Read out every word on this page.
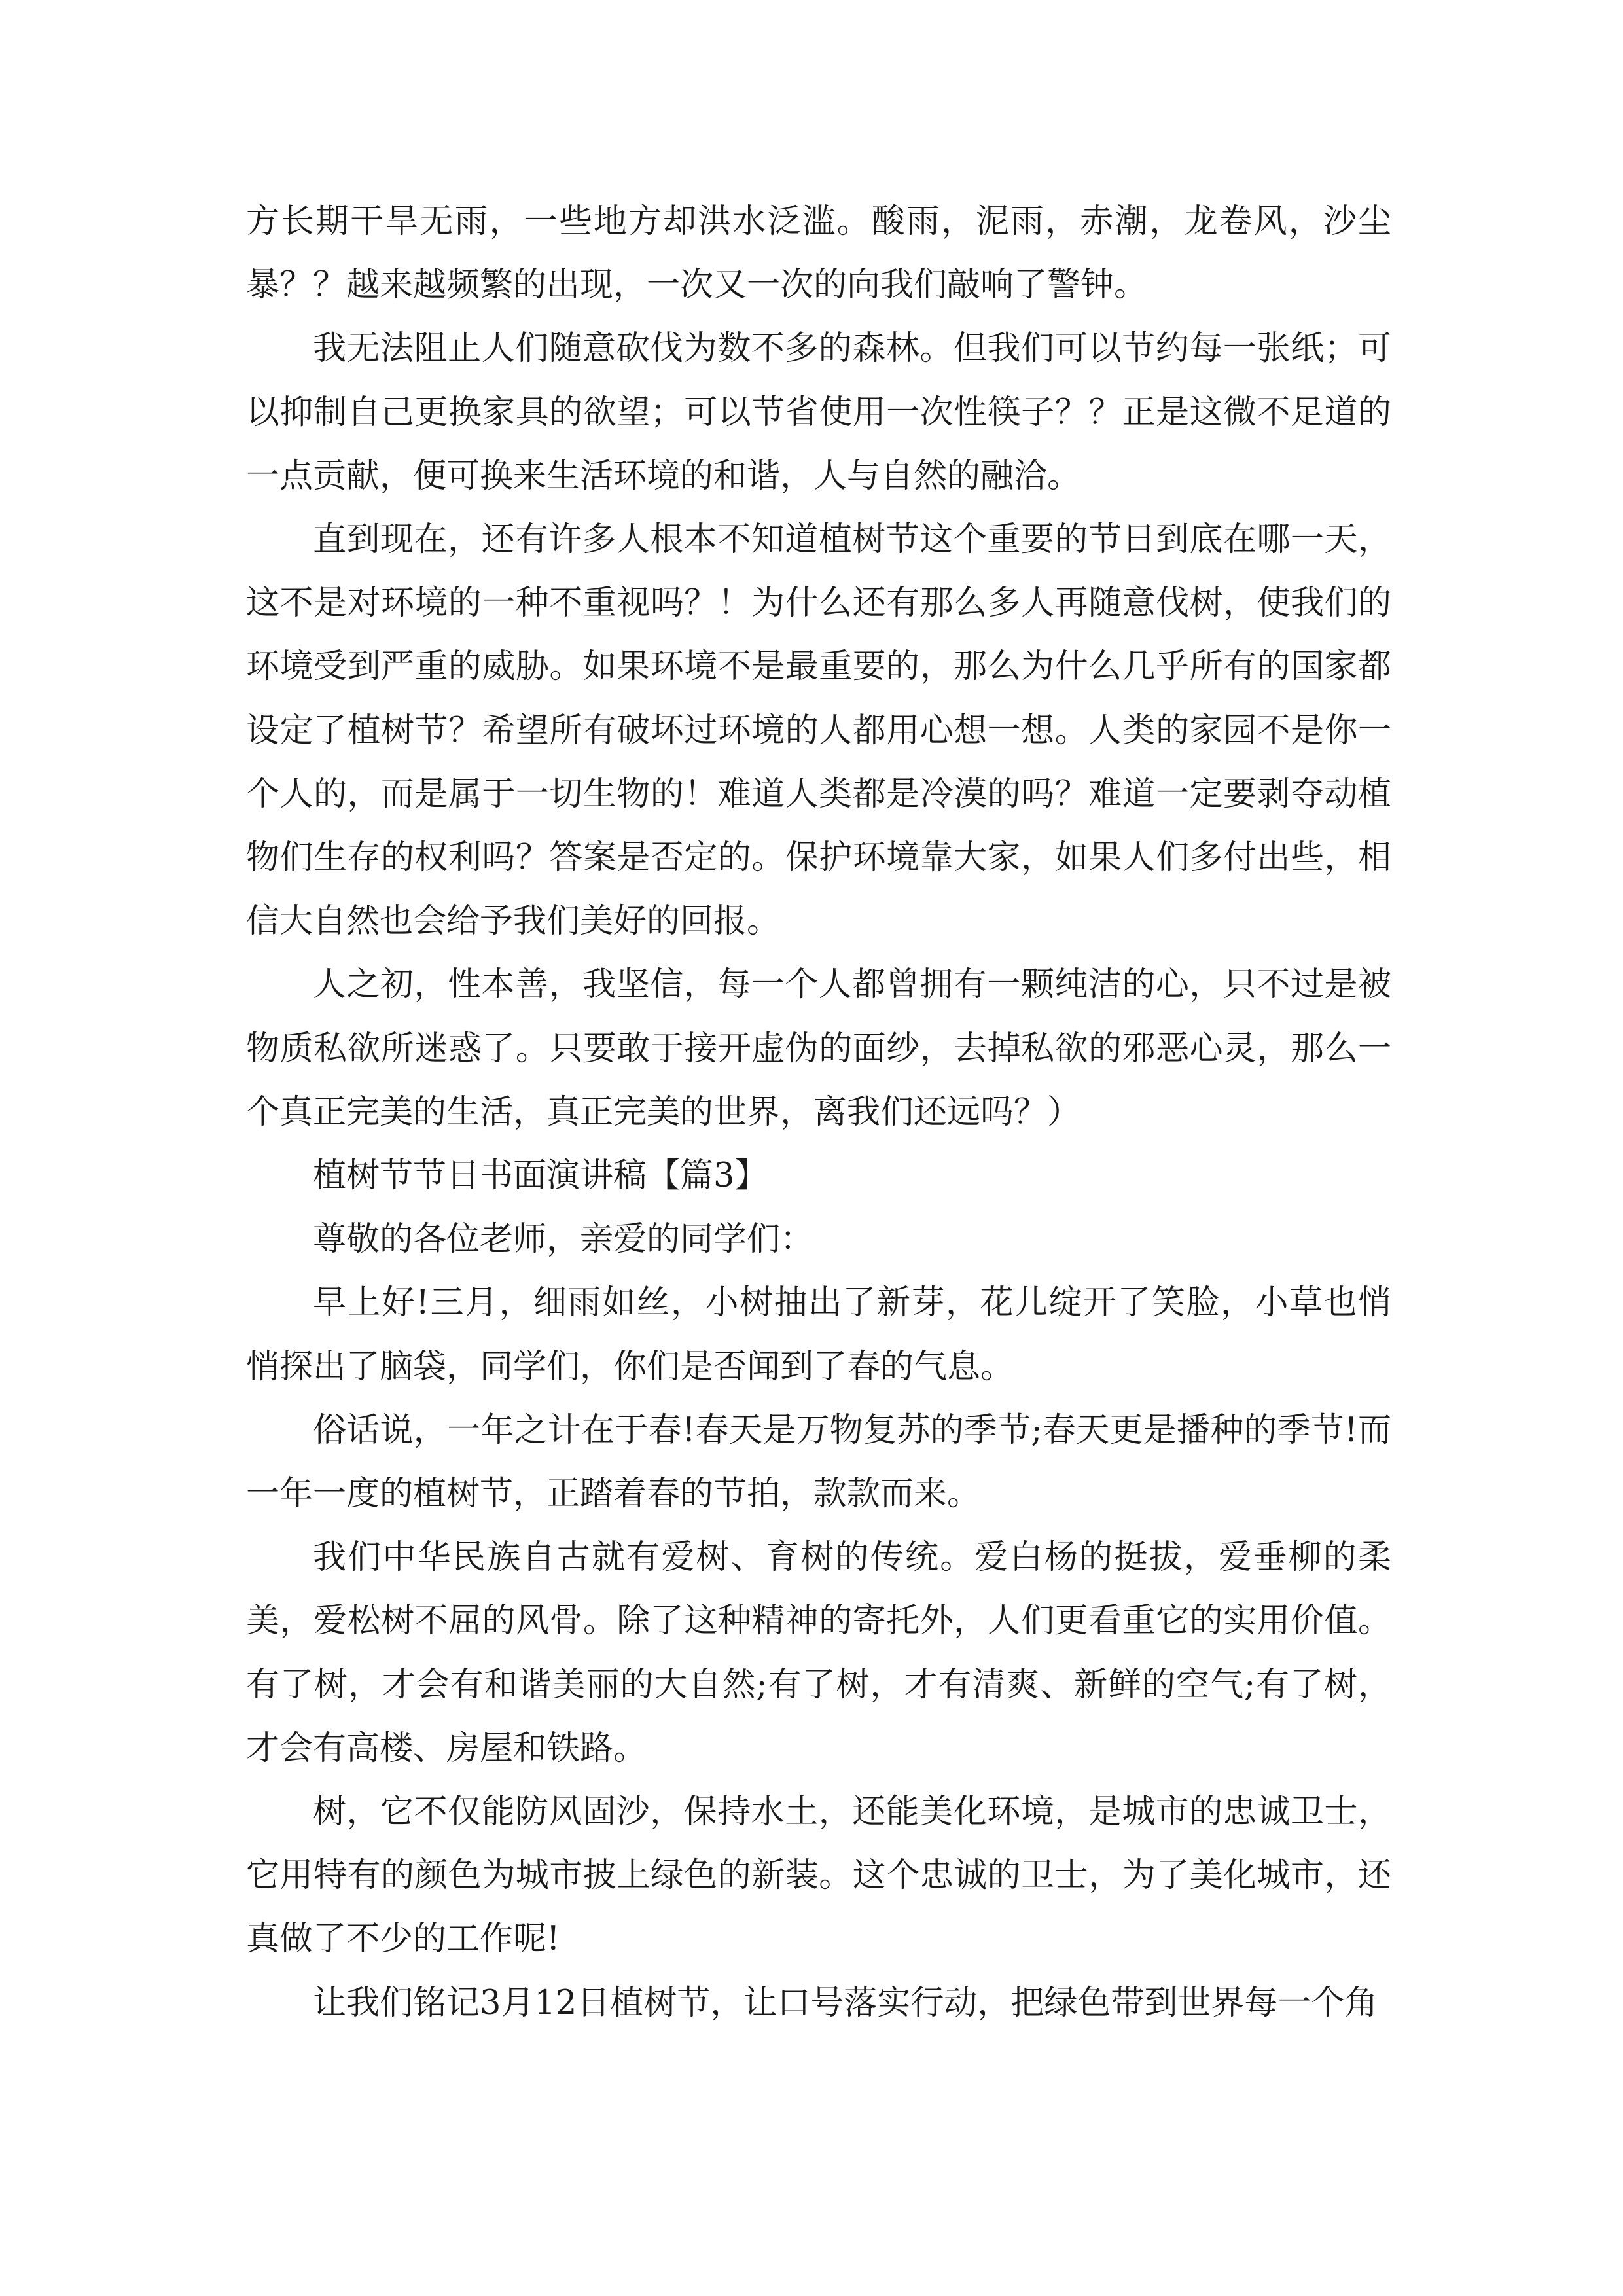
方长期干旱无雨，一些地方却洪水泛滥。酸雨，泥雨，赤潮，龙卷风，沙尘暴？？越来越频繁的出现，一次又一次的向我们敲响了警钟。

我无法阻止人们随意砍伐为数不多的森林。但我们可以节约每一张纸；可以抑制自己更换家具的欲望；可以节省使用一次性筷子？？正是这微不足道的一点贡献，便可换来生活环境的和谐，人与自然的融洽。

直到现在，还有许多人根本不知道植树节这个重要的节日到底在哪一天，这不是对环境的一种不重视吗？！为什么还有那么多人再随意伐树，使我们的环境受到严重的威胁。如果环境不是最重要的，那么为什么几乎所有的国家都设定了植树节？希望所有破坏过环境的人都用心想一想。人类的家园不是你一个人的，而是属于一切生物的！难道人类都是冷漠的吗？难道一定要剥夺动植物们生存的权利吗？答案是否定的。保护环境靠大家，如果人们多付出些，相信大自然也会给予我们美好的回报。

人之初，性本善，我坚信，每一个人都曾拥有一颗纯洁的心，只不过是被物质私欲所迷惑了。只要敢于接开虚伪的面纱，去掉私欲的邪恶心灵，那么一个真正完美的生活，真正完美的世界，离我们还远吗？）

植树节节日书面演讲稿【篇3】

尊敬的各位老师，亲爱的同学们：

早上好!三月，细雨如丝，小树抽出了新芽，花儿绽开了笑脸，小草也悄悄探出了脑袋，同学们，你们是否闻到了春的气息。

俗话说，一年之计在于春!春天是万物复苏的季节;春天更是播种的季节!而一年一度的植树节，正踏着春的节拍，款款而来。

我们中华民族自古就有爱树、育树的传统。爱白杨的挺拔，爱垂柳的柔美，爱松树不屈的风骨。除了这种精神的寄托外，人们更看重它的实用价值。有了树，才会有和谐美丽的大自然;有了树，才有清爽、新鲜的空气;有了树，才会有高楼、房屋和铁路。

树，它不仅能防风固沙，保持水土，还能美化环境，是城市的忠诚卫士，它用特有的颜色为城市披上绿色的新装。这个忠诚的卫士，为了美化城市，还真做了不少的工作呢!

让我们铭记3月12日植树节，让口号落实行动，把绿色带到世界每一个角
